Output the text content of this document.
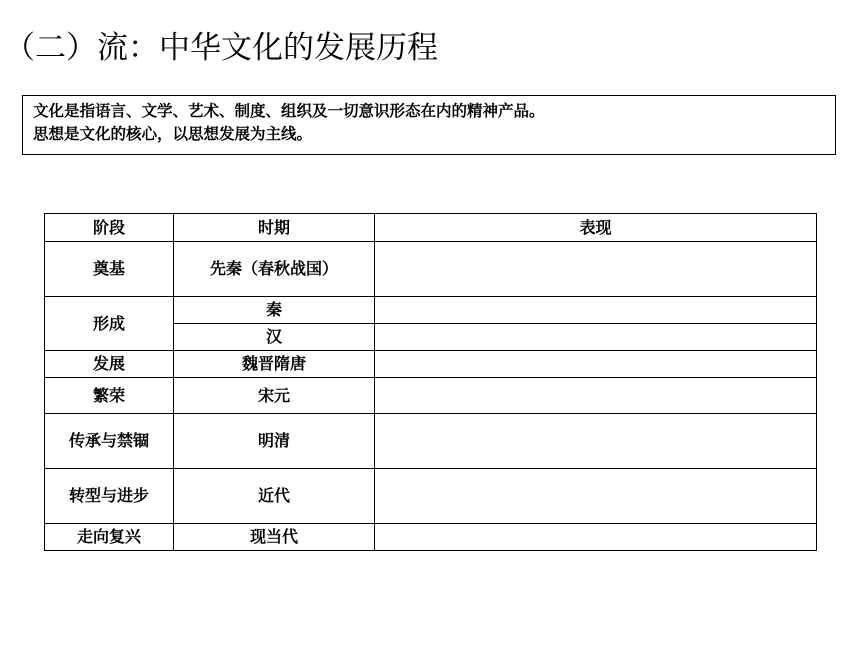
（二）流：中华文化的发展历程
文化是指语言、文学、艺术、制度、组织及一切意识形态在内的精神产品。
思想是文化的核心，以思想发展为主线。
阶段	时期	表现
奠基	先秦（春秋战国）	
形成	秦	
	汉	
发展	魏晋隋唐	
繁荣	宋元	
传承与禁锢	明清	
转型与进步	近代	
走向复兴	现当代	
